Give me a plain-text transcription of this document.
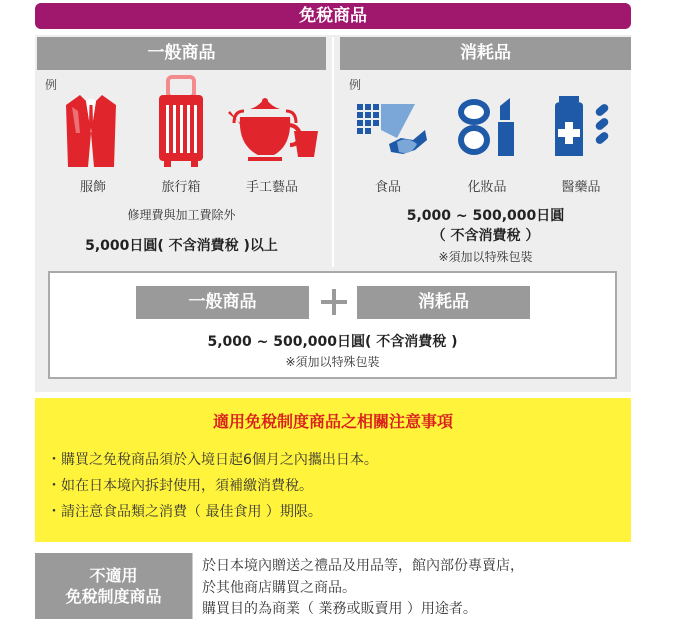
免稅商品
一般商品	消耗品
例	例
服飾	旅行箱	手工藝品
修理費與加工費除外
5,000日圓( 不含消費稅 )以上
食品	化妝品	醫藥品
5,000 ~ 500,000日圓
（ 不含消費稅 ）
※須加以特殊包裝
一般商品	消耗品
5,000 ~ 500,000日圓( 不含消費稅 )
※須加以特殊包裝
適用免稅制度商品之相關注意事項
・購買之免稅商品須於入境日起6個月之內攜出日本。
・如在日本境內拆封使用，須補繳消費稅。
・請注意食品類之消費（ 最佳食用 ）期限。
不適用
免稅制度商品
於日本境內贈送之禮品及用品等，館內部份專賣店，
於其他商店購買之商品。
購買目的為商業（ 業務或販賣用 ）用途者。
